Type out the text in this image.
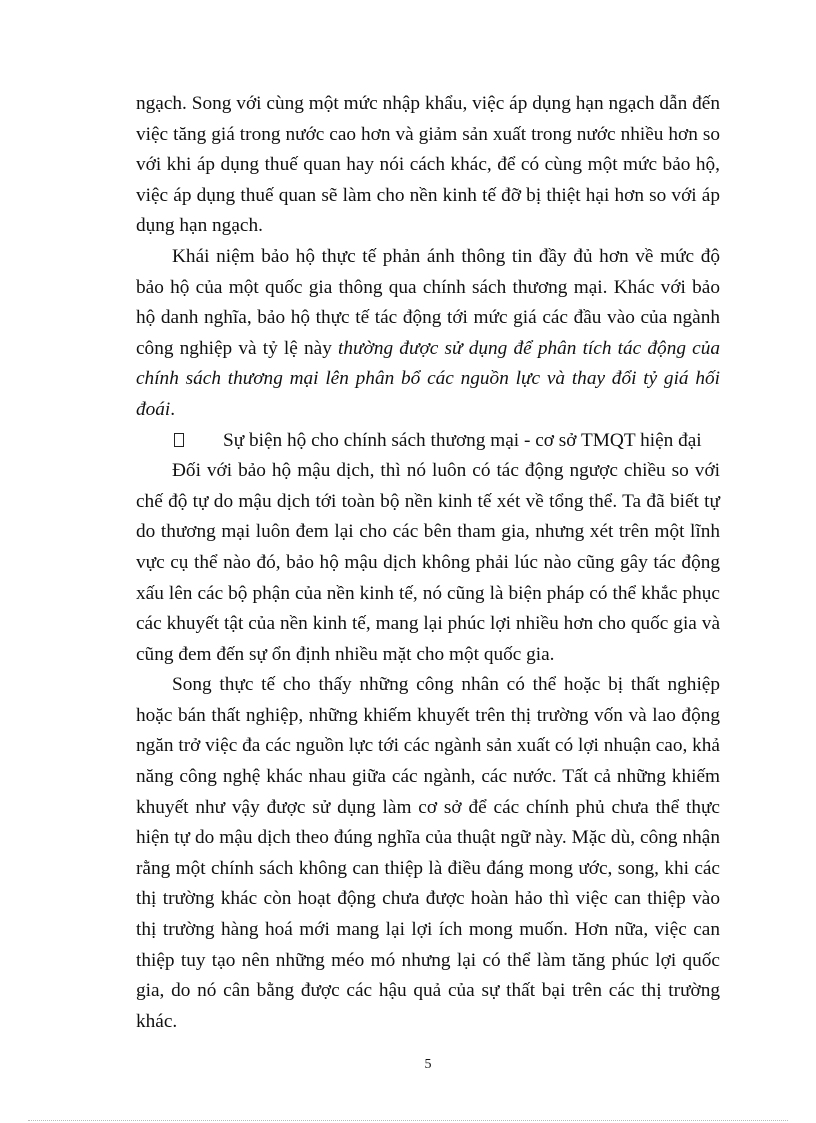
ngạch. Song với cùng một mức nhập khẩu, việc áp dụng hạn ngạch dẫn đến việc tăng giá trong nước cao hơn và giảm sản xuất trong nước nhiều hơn so với khi áp dụng thuế quan hay nói cách khác, để có cùng một mức bảo hộ, việc áp dụng thuế quan sẽ làm cho nền kinh tế đỡ bị thiệt hại hơn so với áp dụng hạn ngạch.

Khái niệm bảo hộ thực tế phản ánh thông tin đầy đủ hơn về mức độ bảo hộ của một quốc gia thông qua chính sách thương mại. Khác với bảo hộ danh nghĩa, bảo hộ thực tế tác động tới mức giá các đầu vào của ngành công nghiệp và tỷ lệ này thường được sử dụng để phân tích tác động của chính sách thương mại lên phân bổ các nguồn lực và thay đổi tỷ giá hối đoái.

Sự biện hộ cho chính sách thương mại - cơ sở TMQT hiện đại

Đối với bảo hộ mậu dịch, thì nó luôn có tác động ngược chiều so với chế độ tự do mậu dịch tới toàn bộ nền kinh tế xét về tổng thể. Ta đã biết tự do thương mại luôn đem lại cho các bên tham gia, nhưng xét trên một lĩnh vực cụ thể nào đó, bảo hộ mậu dịch không phải lúc nào cũng gây tác động xấu lên các bộ phận của nền kinh tế, nó cũng là biện pháp có thể khắc phục các khuyết tật của nền kinh tế, mang lại phúc lợi nhiều hơn cho quốc gia và cũng đem đến sự ổn định nhiều mặt cho một quốc gia.

Song thực tế cho thấy những công nhân có thể hoặc bị thất nghiệp hoặc bán thất nghiệp, những khiếm khuyết trên thị trường vốn và lao động ngăn trở việc đa các nguồn lực tới các ngành sản xuất có lợi nhuận cao, khả năng công nghệ khác nhau giữa các ngành, các nước. Tất cả những khiếm khuyết như vậy được sử dụng làm cơ sở để các chính phủ chưa thể thực hiện tự do mậu dịch theo đúng nghĩa của thuật ngữ này. Mặc dù, công nhận rằng một chính sách không can thiệp là điều đáng mong ước, song, khi các thị trường khác còn hoạt động chưa được hoàn hảo thì việc can thiệp vào thị trường hàng hoá mới mang lại lợi ích mong muốn. Hơn nữa, việc can thiệp tuy tạo nên những méo mó nhưng lại có thể làm tăng phúc lợi quốc gia, do nó cân bằng được các hậu quả của sự thất bại trên các thị trường khác.

5
